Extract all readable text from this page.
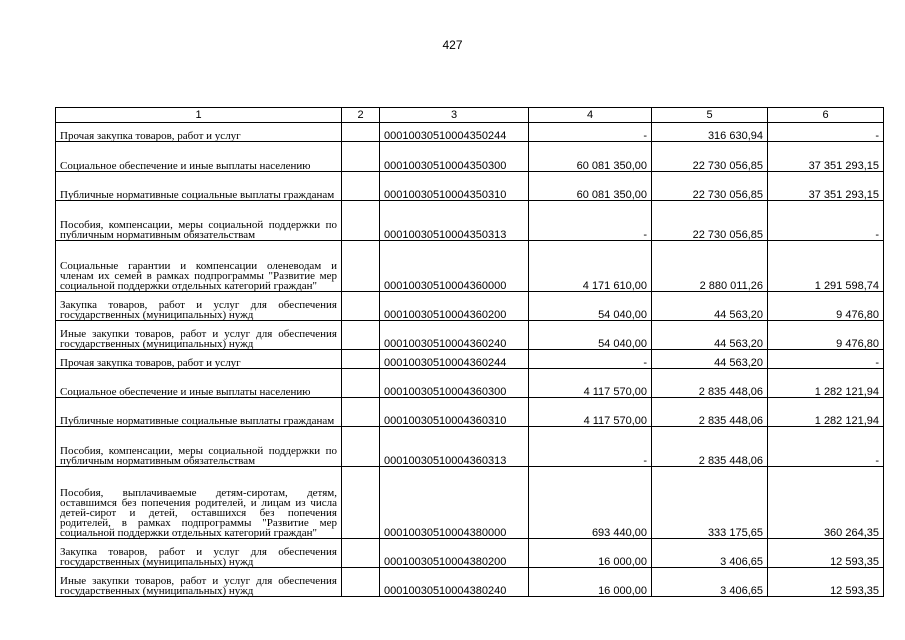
427
1	2	3	4	5	6
Прочая закупка товаров, работ и услуг		00010030510004350244	-	316 630,94	-
Социальное обеспечение и иные выплаты населению		00010030510004350300	60 081 350,00	22 730 056,85	37 351 293,15
Публичные нормативные социальные выплаты гражданам		00010030510004350310	60 081 350,00	22 730 056,85	37 351 293,15
Пособия, компенсации, меры социальной поддержки по публичным нормативным обязательствам		00010030510004350313	-	22 730 056,85	-
Социальные гарантии и компенсации оленеводам и членам их семей в рамках подпрограммы "Развитие мер социальной поддержки отдельных категорий граждан"		00010030510004360000	4 171 610,00	2 880 011,26	1 291 598,74
Закупка товаров, работ и услуг для обеспечения государственных (муниципальных) нужд		00010030510004360200	54 040,00	44 563,20	9 476,80
Иные закупки товаров, работ и услуг для обеспечения государственных (муниципальных) нужд		00010030510004360240	54 040,00	44 563,20	9 476,80
Прочая закупка товаров, работ и услуг		00010030510004360244	-	44 563,20	-
Социальное обеспечение и иные выплаты населению		00010030510004360300	4 117 570,00	2 835 448,06	1 282 121,94
Публичные нормативные социальные выплаты гражданам		00010030510004360310	4 117 570,00	2 835 448,06	1 282 121,94
Пособия, компенсации, меры социальной поддержки по публичным нормативным обязательствам		00010030510004360313	-	2 835 448,06	-
Пособия, выплачиваемые детям-сиротам, детям, оставшимся без попечения родителей, и лицам из числа детей-сирот и детей, оставшихся без попечения родителей, в рамках подпрограммы "Развитие мер социальной поддержки отдельных категорий граждан"		00010030510004380000	693 440,00	333 175,65	360 264,35
Закупка товаров, работ и услуг для обеспечения государственных (муниципальных) нужд		00010030510004380200	16 000,00	3 406,65	12 593,35
Иные закупки товаров, работ и услуг для обеспечения государственных (муниципальных) нужд		00010030510004380240	16 000,00	3 406,65	12 593,35
